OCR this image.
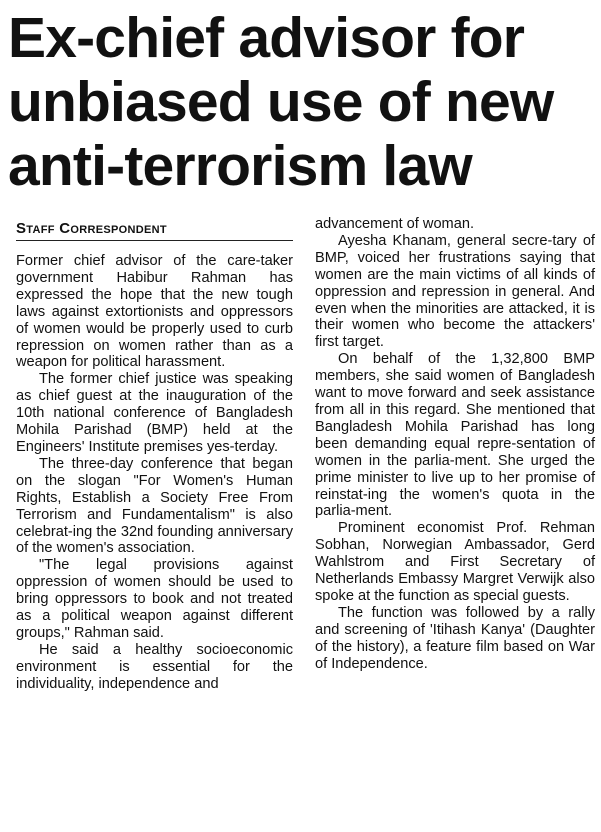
Ex-chief advisor for
unbiased use of new
anti-terrorism law
Staff Correspondent

Former chief advisor of the care-taker government Habibur Rahman has expressed the hope that the new tough laws against extortionists and oppressors of women would be properly used to curb repression on women rather than as a weapon for political harassment.

The former chief justice was speaking as chief guest at the inauguration of the 10th national conference of Bangladesh Mohila Parishad (BMP) held at the Engineers' Institute premises yes-terday.

The three-day conference that began on the slogan "For Women's Human Rights, Establish a Society Free From Terrorism and Fundamentalism" is also celebrat-ing the 32nd founding anniversary of the women's association.

"The legal provisions against oppression of women should be used to bring oppressors to book and not treated as a political weapon against different groups," Rahman said.

He said a healthy socioeconomic environment is essential for the individuality, independence and

advancement of woman.

Ayesha Khanam, general secre-tary of BMP, voiced her frustrations saying that women are the main victims of all kinds of oppression and repression in general. And even when the minorities are attacked, it is their women who become the attackers' first target.

On behalf of the 1,32,800 BMP members, she said women of Bangladesh want to move forward and seek assistance from all in this regard. She mentioned that Bangladesh Mohila Parishad has long been demanding equal repre-sentation of women in the parlia-ment. She urged the prime minister to live up to her promise of reinstat-ing the women's quota in the parlia-ment.

Prominent economist Prof. Rehman Sobhan, Norwegian Ambassador, Gerd Wahlstrom and First Secretary of Netherlands Embassy Margret Verwijk also spoke at the function as special guests.

The function was followed by a rally and screening of 'Itihash Kanya' (Daughter of the history), a feature film based on War of Independence.
